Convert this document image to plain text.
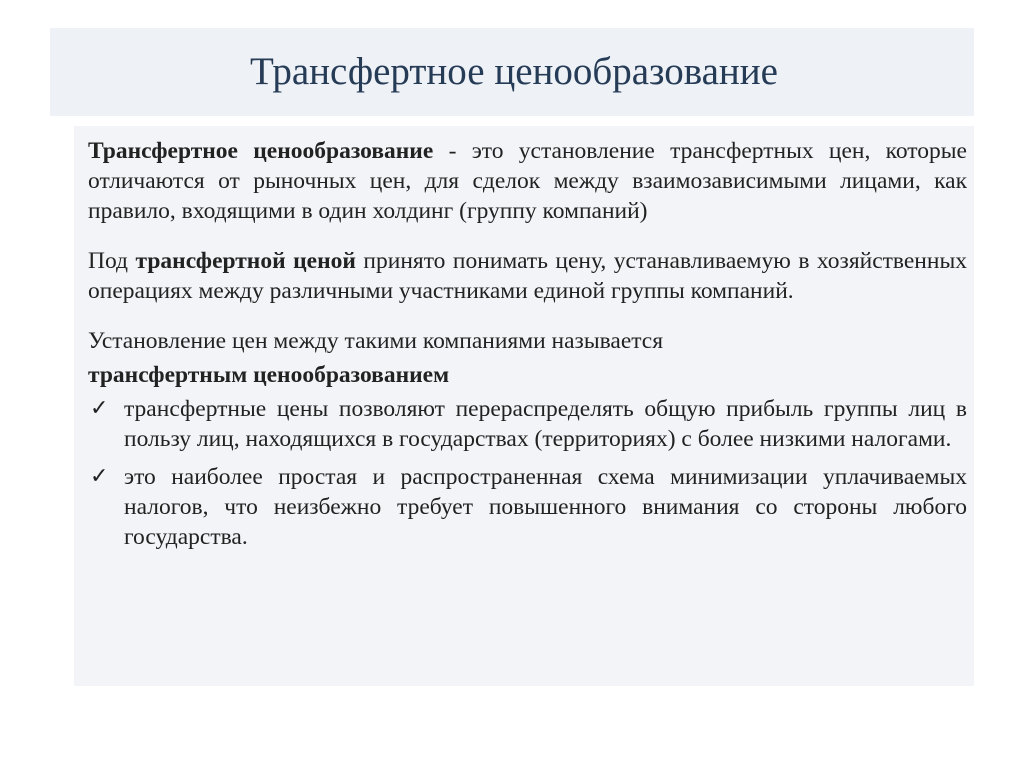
Трансфертное ценообразование

Трансфертное ценообразование - это установление трансфертных цен, которые отличаются от рыночных цен, для сделок между взаимозависимыми лицами, как правило, входящими в один холдинг (группу компаний)

Под трансфертной ценой принято понимать цену, устанавливаемую в хозяйственных операциях между различными участниками единой группы компаний.

Установление цен между такими компаниями называется
трансфертным ценообразованием

✓ трансфертные цены позволяют перераспределять общую прибыль группы лиц в пользу лиц, находящихся в государствах (территориях) с более низкими налогами.
✓ это наиболее простая и распространенная схема минимизации уплачиваемых налогов, что неизбежно требует повышенного внимания со стороны любого государства.
